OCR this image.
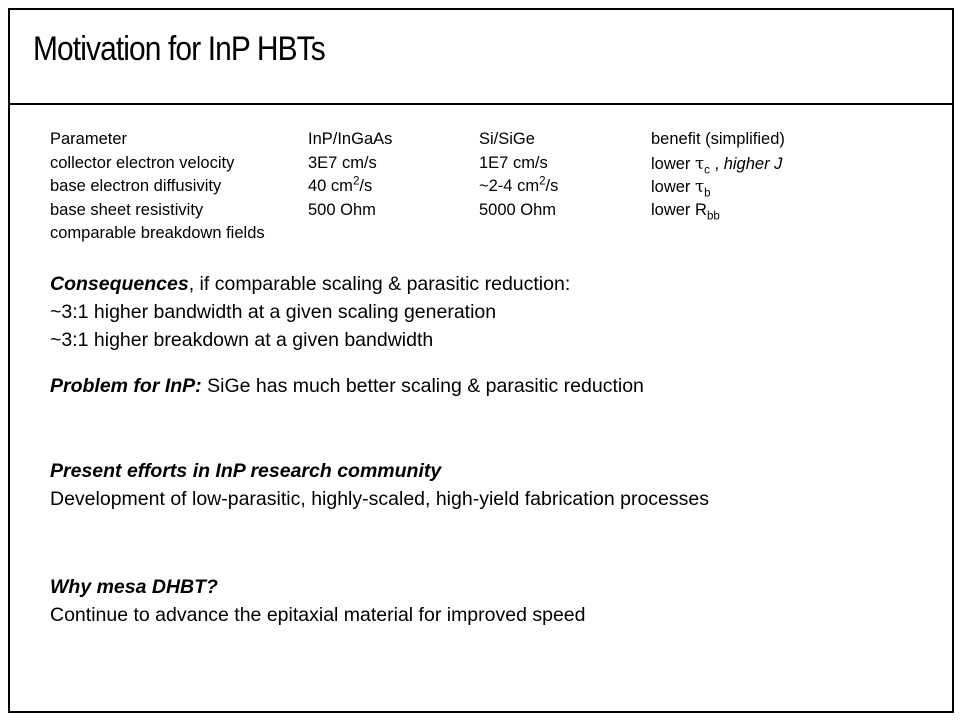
Motivation for InP HBTs
Parameter	InP/InGaAs	Si/SiGe	benefit (simplified)
collector electron velocity	3E7 cm/s	1E7 cm/s	lower $\tau_c$ , higher J
base electron diffusivity	40 $cm^2/s$	~2-4 $cm^2/s$	lower $\tau_b$
base sheet resistivity	500 Ohm	5000 Ohm	lower $R_{bb}$
comparable breakdown fields
Consequences, if comparable scaling & parasitic reduction:
~3:1 higher bandwidth at a given scaling generation
~3:1 higher breakdown at a given bandwidth
Problem for InP: SiGe has much better scaling & parasitic reduction
Present efforts in InP research community
Development of low-parasitic, highly-scaled, high-yield fabrication processes
Why mesa DHBT?
Continue to advance the epitaxial material for improved speed
